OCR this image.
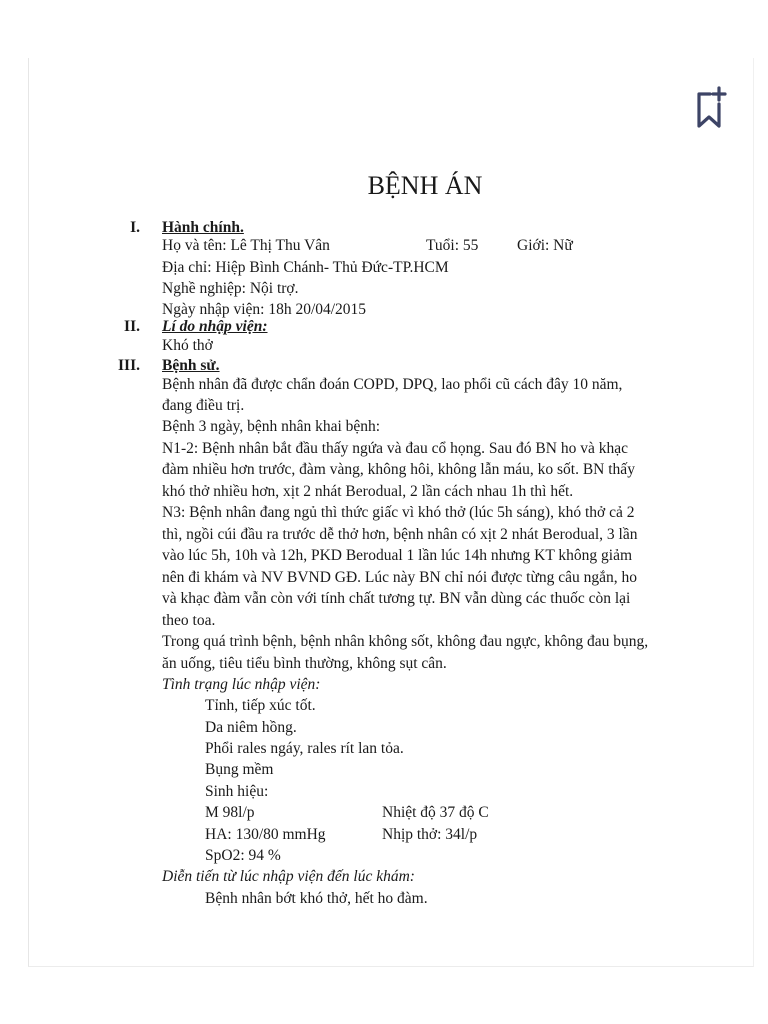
BỆNH ÁN
I. Hành chính.
Họ và tên: Lê Thị Thu Vân	Tuổi: 55 Giới: Nữ
Địa chỉ: Hiệp Bình Chánh- Thủ Đức-TP.HCM
Nghề nghiệp: Nội trợ.
Ngày nhập viện: 18h 20/04/2015
II. Lí do nhập viện:
Khó thở
III. Bệnh sử.
Bệnh nhân đã được chẩn đoán COPD, DPQ, lao phổi cũ cách đây 10 năm,
đang điều trị.
Bệnh 3 ngày, bệnh nhân khai bệnh:
N1-2: Bệnh nhân bắt đầu thấy ngứa và đau cổ họng. Sau đó BN ho và khạc
đàm nhiều hơn trước, đàm vàng, không hôi, không lẫn máu, ko sốt. BN thấy
khó thở nhiều hơn, xịt 2 nhát Berodual, 2 lần cách nhau 1h thì hết.
N3: Bệnh nhân đang ngủ thì thức giấc vì khó thở (lúc 5h sáng), khó thở cả 2
thì, ngồi cúi đầu ra trước dễ thở hơn, bệnh nhân có xịt 2 nhát Berodual, 3 lần
vào lúc 5h, 10h và 12h, PKD Berodual 1 lần lúc 14h nhưng KT không giảm
nên đi khám và NV BVND GĐ. Lúc này BN chỉ nói được từng câu ngắn, ho
và khạc đàm vẫn còn với tính chất tương tự. BN vẫn dùng các thuốc còn lại
theo toa.
Trong quá trình bệnh, bệnh nhân không sốt, không đau ngực, không đau bụng,
ăn uống, tiêu tiểu bình thường, không sụt cân.
Tình trạng lúc nhập viện:
Tỉnh, tiếp xúc tốt.
Da niêm hồng.
Phổi rales ngáy, rales rít lan tỏa.
Bụng mềm
Sinh hiệu:
M 98l/p	Nhiệt độ 37 độ C
HA: 130/80 mmHg	Nhịp thở: 34l/p
SpO2: 94 %
Diễn tiến từ lúc nhập viện đến lúc khám:
Bệnh nhân bớt khó thở, hết ho đàm.
